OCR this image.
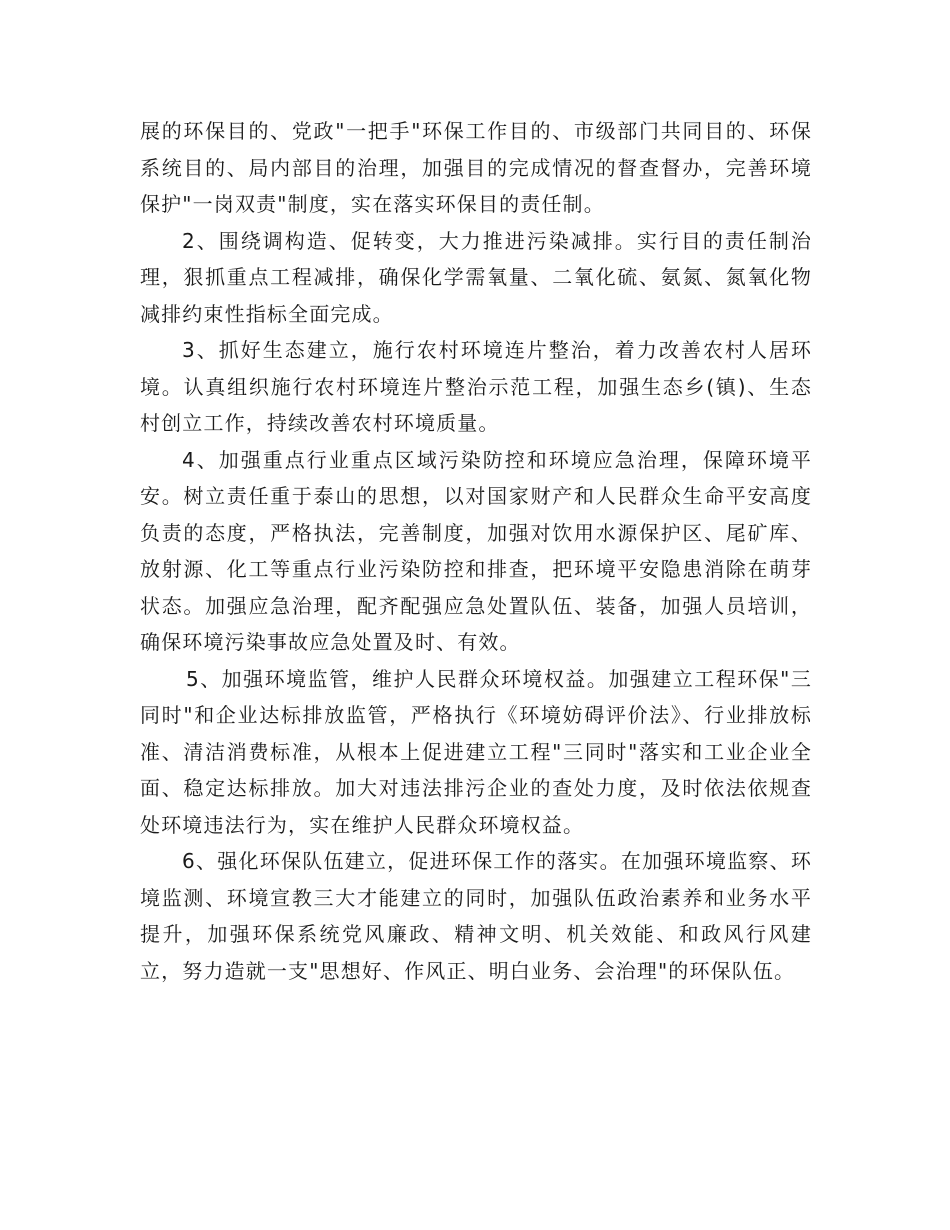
展的环保目的、党政"一把手"环保工作目的、市级部门共同目的、环保系统目的、局内部目的治理，加强目的完成情况的督查督办，完善环境保护"一岗双责"制度，实在落实环保目的责任制。

2、围绕调构造、促转变，大力推进污染减排。实行目的责任制治理，狠抓重点工程减排，确保化学需氧量、二氧化硫、氨氮、氮氧化物减排约束性指标全面完成。

3、抓好生态建立，施行农村环境连片整治，着力改善农村人居环境。认真组织施行农村环境连片整治示范工程，加强生态乡(镇)、生态村创立工作，持续改善农村环境质量。

4、加强重点行业重点区域污染防控和环境应急治理，保障环境平安。树立责任重于泰山的思想，以对国家财产和人民群众生命平安高度负责的态度，严格执法，完善制度，加强对饮用水源保护区、尾矿库、放射源、化工等重点行业污染防控和排查，把环境平安隐患消除在萌芽状态。加强应急治理，配齐配强应急处置队伍、装备，加强人员培训，确保环境污染事故应急处置及时、有效。

5、加强环境监管，维护人民群众环境权益。加强建立工程环保"三同时"和企业达标排放监管，严格执行《环境妨碍评价法》、行业排放标准、清洁消费标准，从根本上促进建立工程"三同时"落实和工业企业全面、稳定达标排放。加大对违法排污企业的查处力度，及时依法依规查处环境违法行为，实在维护人民群众环境权益。

6、强化环保队伍建立，促进环保工作的落实。在加强环境监察、环境监测、环境宣教三大才能建立的同时，加强队伍政治素养和业务水平提升，加强环保系统党风廉政、精神文明、机关效能、和政风行风建立，努力造就一支"思想好、作风正、明白业务、会治理"的环保队伍。
